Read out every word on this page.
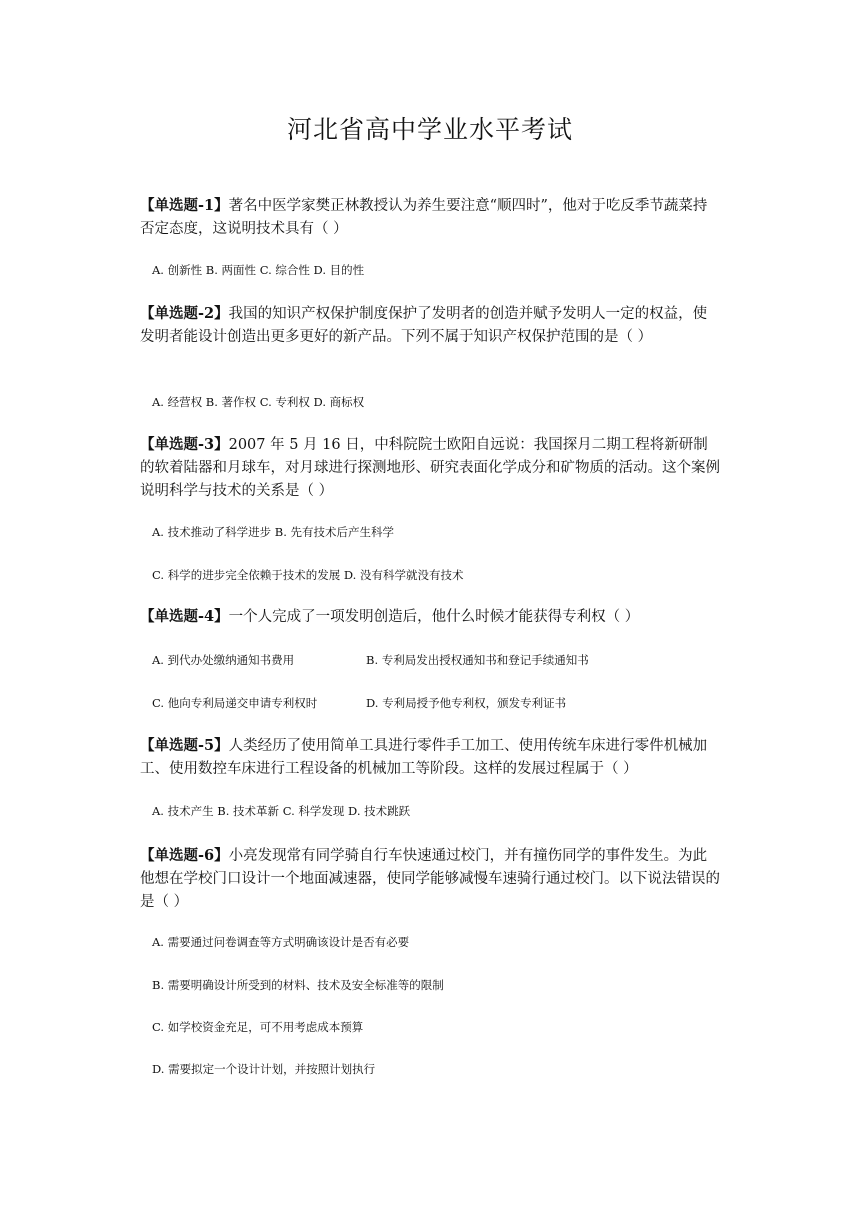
河北省高中学业水平考试
【单选题-1】著名中医学家樊正林教授认为养生要注意“顺四时”，他对于吃反季节蔬菜持否定态度，这说明技术具有（ ）
A. 创新性 B. 两面性 C. 综合性 D. 目的性
【单选题-2】我国的知识产权保护制度保护了发明者的创造并赋予发明人一定的权益，使发明者能设计创造出更多更好的新产品。下列不属于知识产权保护范围的是（ ）
A. 经营权 B. 著作权 C. 专利权 D. 商标权
【单选题-3】2007 年 5 月 16 日，中科院院士欧阳自远说：我国探月二期工程将新研制的软着陆器和月球车，对月球进行探测地形、研究表面化学成分和矿物质的活动。这个案例说明科学与技术的关系是（ ）
A. 技术推动了科学进步 B. 先有技术后产生科学
C. 科学的进步完全依赖于技术的发展 D. 没有科学就没有技术
【单选题-4】一个人完成了一项发明创造后，他什么时候才能获得专利权（ ）
A. 到代办处缴纳通知书费用	B. 专利局发出授权通知书和登记手续通知书
C. 他向专利局递交申请专利权时	D. 专利局授予他专利权，颁发专利证书
【单选题-5】人类经历了使用简单工具进行零件手工加工、使用传统车床进行零件机械加工、使用数控车床进行工程设备的机械加工等阶段。这样的发展过程属于（ ）
A. 技术产生 B. 技术革新 C. 科学发现 D. 技术跳跃
【单选题-6】小亮发现常有同学骑自行车快速通过校门，并有撞伤同学的事件发生。为此他想在学校门口设计一个地面减速器，使同学能够减慢车速骑行通过校门。以下说法错误的是（ ）
A. 需要通过问卷调查等方式明确该设计是否有必要
B. 需要明确设计所受到的材料、技术及安全标准等的限制
C. 如学校资金充足，可不用考虑成本预算
D. 需要拟定一个设计计划，并按照计划执行
